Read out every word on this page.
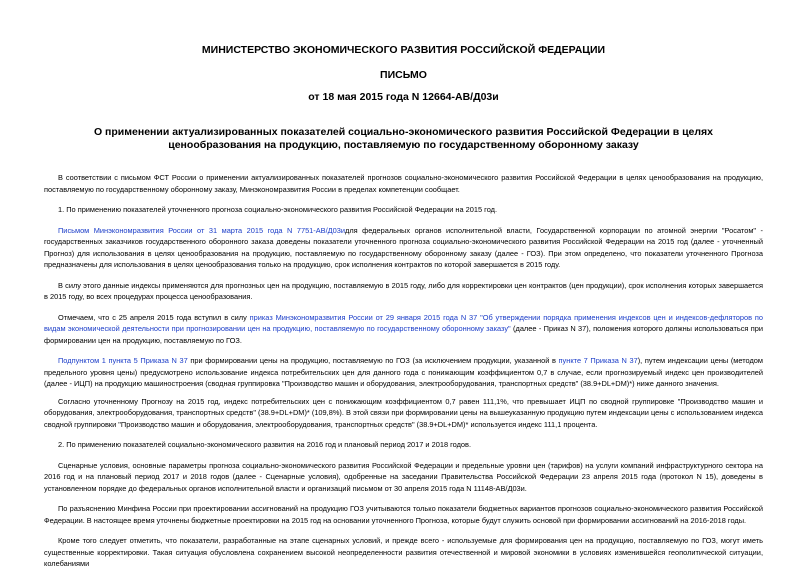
МИНИСТЕРСТВО ЭКОНОМИЧЕСКОГО РАЗВИТИЯ РОССИЙСКОЙ ФЕДЕРАЦИИ

ПИСЬМО

от 18 мая 2015 года N 12664-АВ/Д03и

О применении актуализированных показателей социально-экономического развития Российской Федерации в целях ценообразования на продукцию, поставляемую по государственному оборонному заказу

В соответствии с письмом ФСТ России о применении актуализированных показателей прогнозов социально-экономического развития Российской Федерации в целях ценообразования на продукцию, поставляемую по государственному оборонному заказу, Минэкономразвития России в пределах компетенции сообщает.

1. По применению показателей уточненного прогноза социально-экономического развития Российской Федерации на 2015 год.

Письмом Минэкономразвития России от 31 марта 2015 года N 7751-АВ/Д03идля федеральных органов исполнительной власти, Государственной корпорации по атомной энергии "Росатом" - государственных заказчиков государственного оборонного заказа доведены показатели уточненного прогноза социально-экономического развития Российской Федерации на 2015 год (далее - уточненный Прогноз) для использования в целях ценообразования на продукцию, поставляемую по государственному оборонному заказу (далее - ГОЗ). При этом определено, что показатели уточненного Прогноза предназначены для использования в целях ценообразования только на продукцию, срок исполнения контрактов по которой завершается в 2015 году.

В силу этого данные индексы применяются для прогнозных цен на продукцию, поставляемую в 2015 году, либо для корректировки цен контрактов (цен продукции), срок исполнения которых завершается в 2015 году, во всех процедурах процесса ценообразования.

Отмечаем, что с 25 апреля 2015 года вступил в силу приказ Минэкономразвития России от 29 января 2015 года N 37 "Об утверждении порядка применения индексов цен и индексов-дефляторов по видам экономической деятельности при прогнозировании цен на продукцию, поставляемую по государственному оборонному заказу" (далее - Приказ N 37), положения которого должны использоваться при формировании цен на продукцию, поставляемую по ГОЗ.

Подпунктом 1 пункта 5 Приказа N 37 при формировании цены на продукцию, поставляемую по ГОЗ (за исключением продукции, указанной в пункте 7 Приказа N 37), путем индексации цены (методом предельного уровня цены) предусмотрено использование индекса потребительских цен для данного года с понижающим коэффициентом 0,7 в случае, если прогнозируемый индекс цен производителей (далее - ИЦП) на продукцию машиностроения (сводная группировка "Производство машин и оборудования, электрооборудования, транспортных средств" (38.9+DL+DM)*) ниже данного значения.

Согласно уточненному Прогнозу на 2015 год, индекс потребительских цен с понижающим коэффициентом 0,7 равен 111,1%, что превышает ИЦП по сводной группировке "Производство машин и оборудования, электрооборудования, транспортных средств" (38.9+DL+DM)* (109,8%). В этой связи при формировании цены на вышеуказанную продукцию путем индексации цены с использованием индекса сводной группировки "Производство машин и оборудования, электрооборудования, транспортных средств" (38.9+DL+DM)* используется индекс 111,1 процента.

2. По применению показателей социально-экономического развития на 2016 год и плановый период 2017 и 2018 годов.

Сценарные условия, основные параметры прогноза социально-экономического развития Российской Федерации и предельные уровни цен (тарифов) на услуги компаний инфраструктурного сектора на 2016 год и на плановый период 2017 и 2018 годов (далее - Сценарные условия), одобренные на заседании Правительства Российской Федерации 23 апреля 2015 года (протокол N 15), доведены в установленном порядке до федеральных органов исполнительной власти и организаций письмом от 30 апреля 2015 года N 11148-АВ/Д03и.

По разъяснению Минфина России при проектировании ассигнований на продукцию ГОЗ учитываются только показатели бюджетных вариантов прогнозов социально-экономического развития Российской Федерации. В настоящее время уточнены бюджетные проектировки на 2015 год на основании уточненного Прогноза, которые будут служить основой при формировании ассигнований на 2016-2018 годы.

Кроме того следует отметить, что показатели, разработанные на этапе сценарных условий, и прежде всего - используемые для формирования цен на продукцию, поставляемую по ГОЗ, могут иметь существенные корректировки. Такая ситуация обусловлена сохранением высокой неопределенности развития отечественной и мировой экономики в условиях изменившейся геополитической ситуации, колебаниями
